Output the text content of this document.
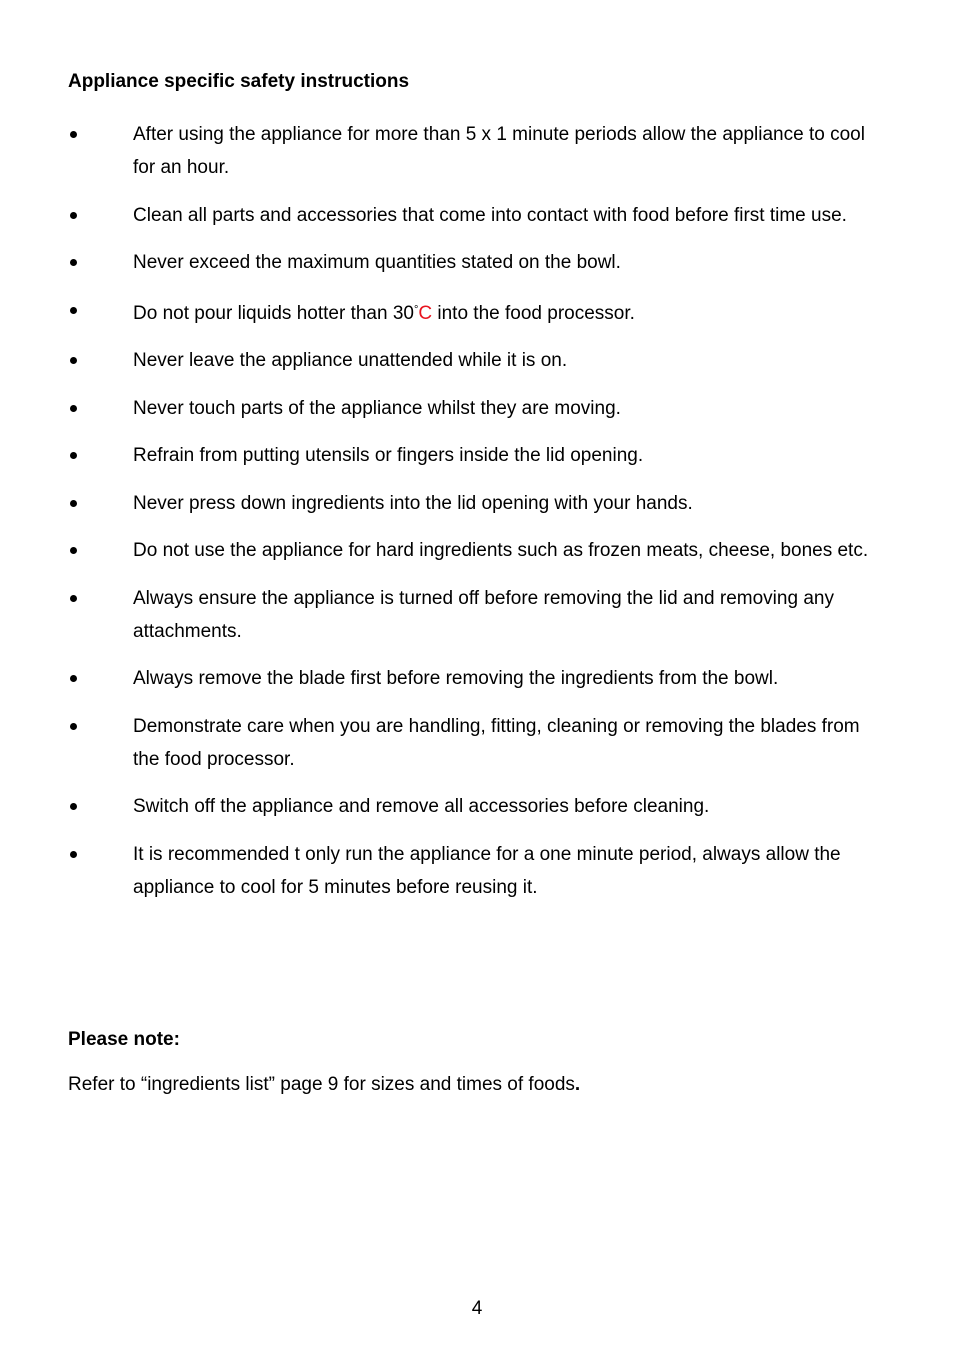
Appliance specific safety instructions

After using the appliance for more than 5 x 1 minute periods allow the appliance to cool for an hour.
Clean all parts and accessories that come into contact with food before first time use.
Never exceed the maximum quantities stated on the bowl.
Do not pour liquids hotter than 30°C into the food processor.
Never leave the appliance unattended while it is on.
Never touch parts of the appliance whilst they are moving.
Refrain from putting utensils or fingers inside the lid opening.
Never press down ingredients into the lid opening with your hands.
Do not use the appliance for hard ingredients such as frozen meats, cheese, bones etc.
Always ensure the appliance is turned off before removing the lid and removing any attachments.
Always remove the blade first before removing the ingredients from the bowl.
Demonstrate care when you are handling, fitting, cleaning or removing the blades from the food processor.
Switch off the appliance and remove all accessories before cleaning.
It is recommended t only run the appliance for a one minute period, always allow the appliance to cool for 5 minutes before reusing it.

Please note:

Refer to “ingredients list” page 9 for sizes and times of foods.

4
